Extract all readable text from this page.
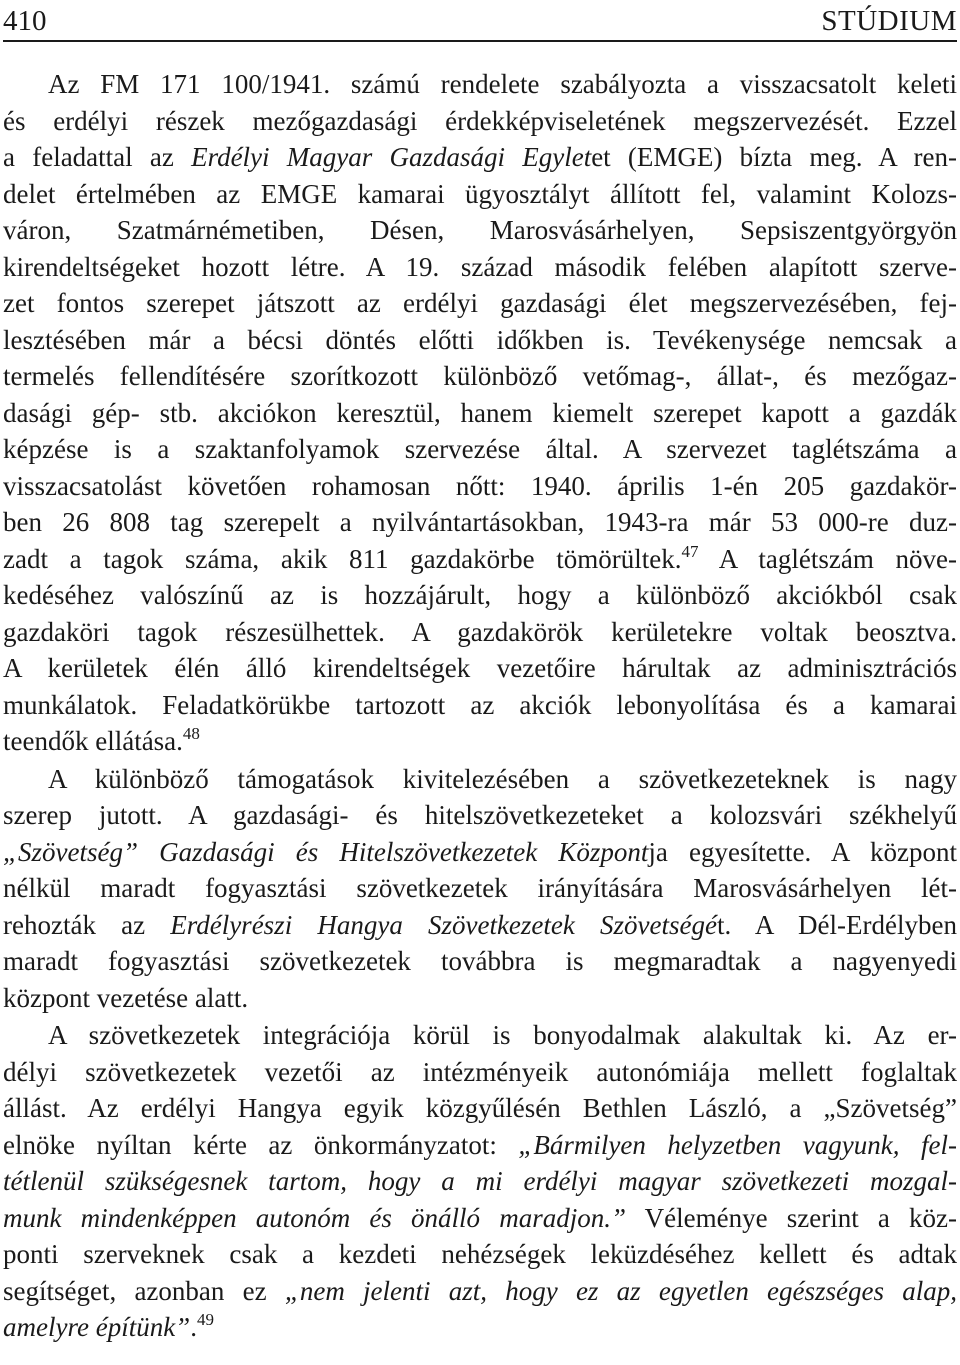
410	STÚDIUM
Az FM 171 100/1941. számú rendelete szabályozta a visszacsatolt keleti
és erdélyi részek mezőgazdasági érdekképviseletének megszervezését. Ezzel
a feladattal az Erdélyi Magyar Gazdasági Egyletet (EMGE) bízta meg. A ren-
delet értelmében az EMGE kamarai ügyosztályt állított fel, valamint Kolozs-
váron, Szatmárnémetiben, Désen, Marosvásárhelyen, Sepsiszentgyörgyön
kirendeltségeket hozott létre. A 19. század második felében alapított szerve-
zet fontos szerepet játszott az erdélyi gazdasági élet megszervezésében, fej-
lesztésében már a bécsi döntés előtti időkben is. Tevékenysége nemcsak a
termelés fellendítésére szorítkozott különböző vetőmag-, állat-, és mezőgaz-
dasági gép- stb. akciókon keresztül, hanem kiemelt szerepet kapott a gazdák
képzése is a szaktanfolyamok szervezése által. A szervezet taglétszáma a
visszacsatolást követően rohamosan nőtt: 1940. április 1-én 205 gazdakör-
ben 26 808 tag szerepelt a nyilvántartásokban, 1943-ra már 53 000-re duz-
zadt a tagok száma, akik 811 gazdakörbe tömörültek.$^{47}$ A taglétszám növe-
kedéséhez valószínű az is hozzájárult, hogy a különböző akciókból csak
gazdaköri tagok részesülhettek. A gazdakörök kerületekre voltak beosztva.
A kerületek élén álló kirendeltségek vezetőire hárultak az adminisztrációs
munkálatok. Feladatkörükbe tartozott az akciók lebonyolítása és a kamarai
teendők ellátása.$^{48}$
A különböző támogatások kivitelezésében a szövetkezeteknek is nagy
szerep jutott. A gazdasági- és hitelszövetkezeteket a kolozsvári székhelyű
„Szövetség” Gazdasági és Hitelszövetkezetek Központja egyesítette. A központ
nélkül maradt fogyasztási szövetkezetek irányítására Marosvásárhelyen lét-
rehozták az Erdélyrészi Hangya Szövetkezetek Szövetségét. A Dél-Erdélyben
maradt fogyasztási szövetkezetek továbbra is megmaradtak a nagyenyedi
központ vezetése alatt.
A szövetkezetek integrációja körül is bonyodalmak alakultak ki. Az er-
délyi szövetkezetek vezetői az intézményeik autonómiája mellett foglaltak
állást. Az erdélyi Hangya egyik közgyűlésén Bethlen László, a „Szövetség”
elnöke nyíltan kérte az önkormányzatot: „Bármilyen helyzetben vagyunk, fel-
tétlenül szükségesnek tartom, hogy a mi erdélyi magyar szövetkezeti mozgal-
munk mindenképpen autonóm és önálló maradjon.” Véleménye szerint a köz-
ponti szerveknek csak a kezdeti nehézségek leküzdéséhez kellett és adtak
segítséget, azonban ez „nem jelenti azt, hogy ez az egyetlen egészséges alap,
amelyre építünk”.$^{49}$
